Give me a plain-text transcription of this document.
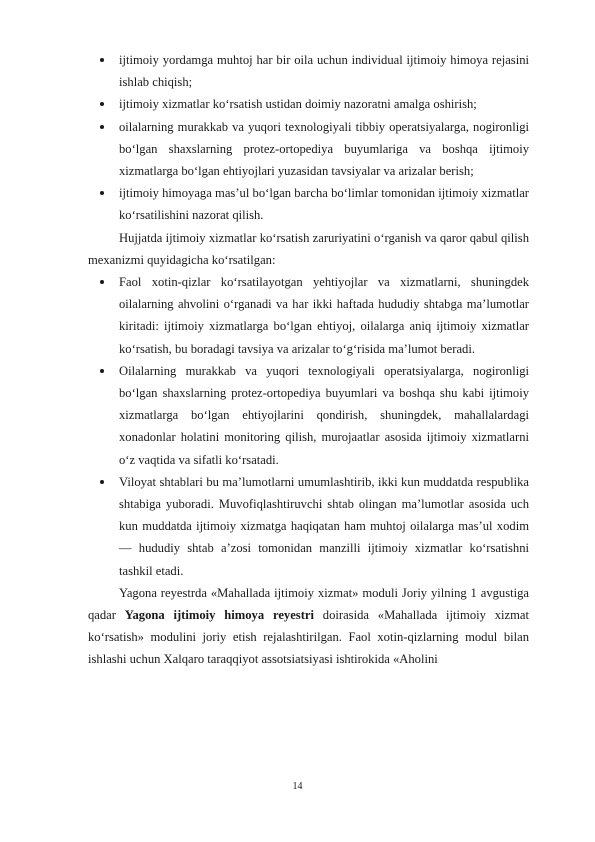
ijtimoiy yordamga muhtoj har bir oila uchun individual ijtimoiy himoya rejasini ishlab chiqish;
ijtimoiy xizmatlar ko‘rsatish ustidan doimiy nazoratni amalga oshirish;
oilalarning murakkab va yuqori texnologiyali tibbiy operatsiyalarga, nogironligi bo‘lgan shaxslarning protez-ortopediya buyumlariga va boshqa ijtimoiy xizmatlarga bo‘lgan ehtiyojlari yuzasidan tavsiyalar va arizalar berish;
ijtimoiy himoyaga mas’ul bo‘lgan barcha bo‘limlar tomonidan ijtimoiy xizmatlar ko‘rsatilishini nazorat qilish.

Hujjatda ijtimoiy xizmatlar ko‘rsatish zaruriyatini o‘rganish va qaror qabul qilish mexanizmi quyidagicha ko‘rsatilgan:

Faol xotin-qizlar ko‘rsatilayotgan yehtiyojlar va xizmatlarni, shuningdek oilalarning ahvolini o‘rganadi va har ikki haftada hududiy shtabga ma’lumotlar kiritadi: ijtimoiy xizmatlarga bo‘lgan ehtiyoj, oilalarga aniq ijtimoiy xizmatlar ko‘rsatish, bu boradagi tavsiya va arizalar to‘g‘risida ma’lumot beradi.
Oilalarning murakkab va yuqori texnologiyali operatsiyalarga, nogironligi bo‘lgan shaxslarning protez-ortopediya buyumlari va boshqa shu kabi ijtimoiy xizmatlarga bo‘lgan ehtiyojlarini qondirish, shuningdek, mahallalardagi xonadonlar holatini monitoring qilish, murojaatlar asosida ijtimoiy xizmatlarni o‘z vaqtida va sifatli ko‘rsatadi.
Viloyat shtablari bu ma’lumotlarni umumlashtirib, ikki kun muddatda respublika shtabiga yuboradi. Muvofiqlashtiruvchi shtab olingan ma’lumotlar asosida uch kun muddatda ijtimoiy xizmatga haqiqatan ham muhtoj oilalarga mas’ul xodim — hududiy shtab a’zosi tomonidan manzilli ijtimoiy xizmatlar ko‘rsatishni tashkil etadi.

Yagona reyestrda «Mahallada ijtimoiy xizmat» moduli Joriy yilning 1 avgustiga qadar Yagona ijtimoiy himoya reyestri doirasida «Mahallada ijtimoiy xizmat ko‘rsatish» modulini joriy etish rejalashtirilgan. Faol xotin-qizlarning modul bilan ishlashi uchun Xalqaro taraqqiyot assotsiatsiyasi ishtirokida «Aholini

14
